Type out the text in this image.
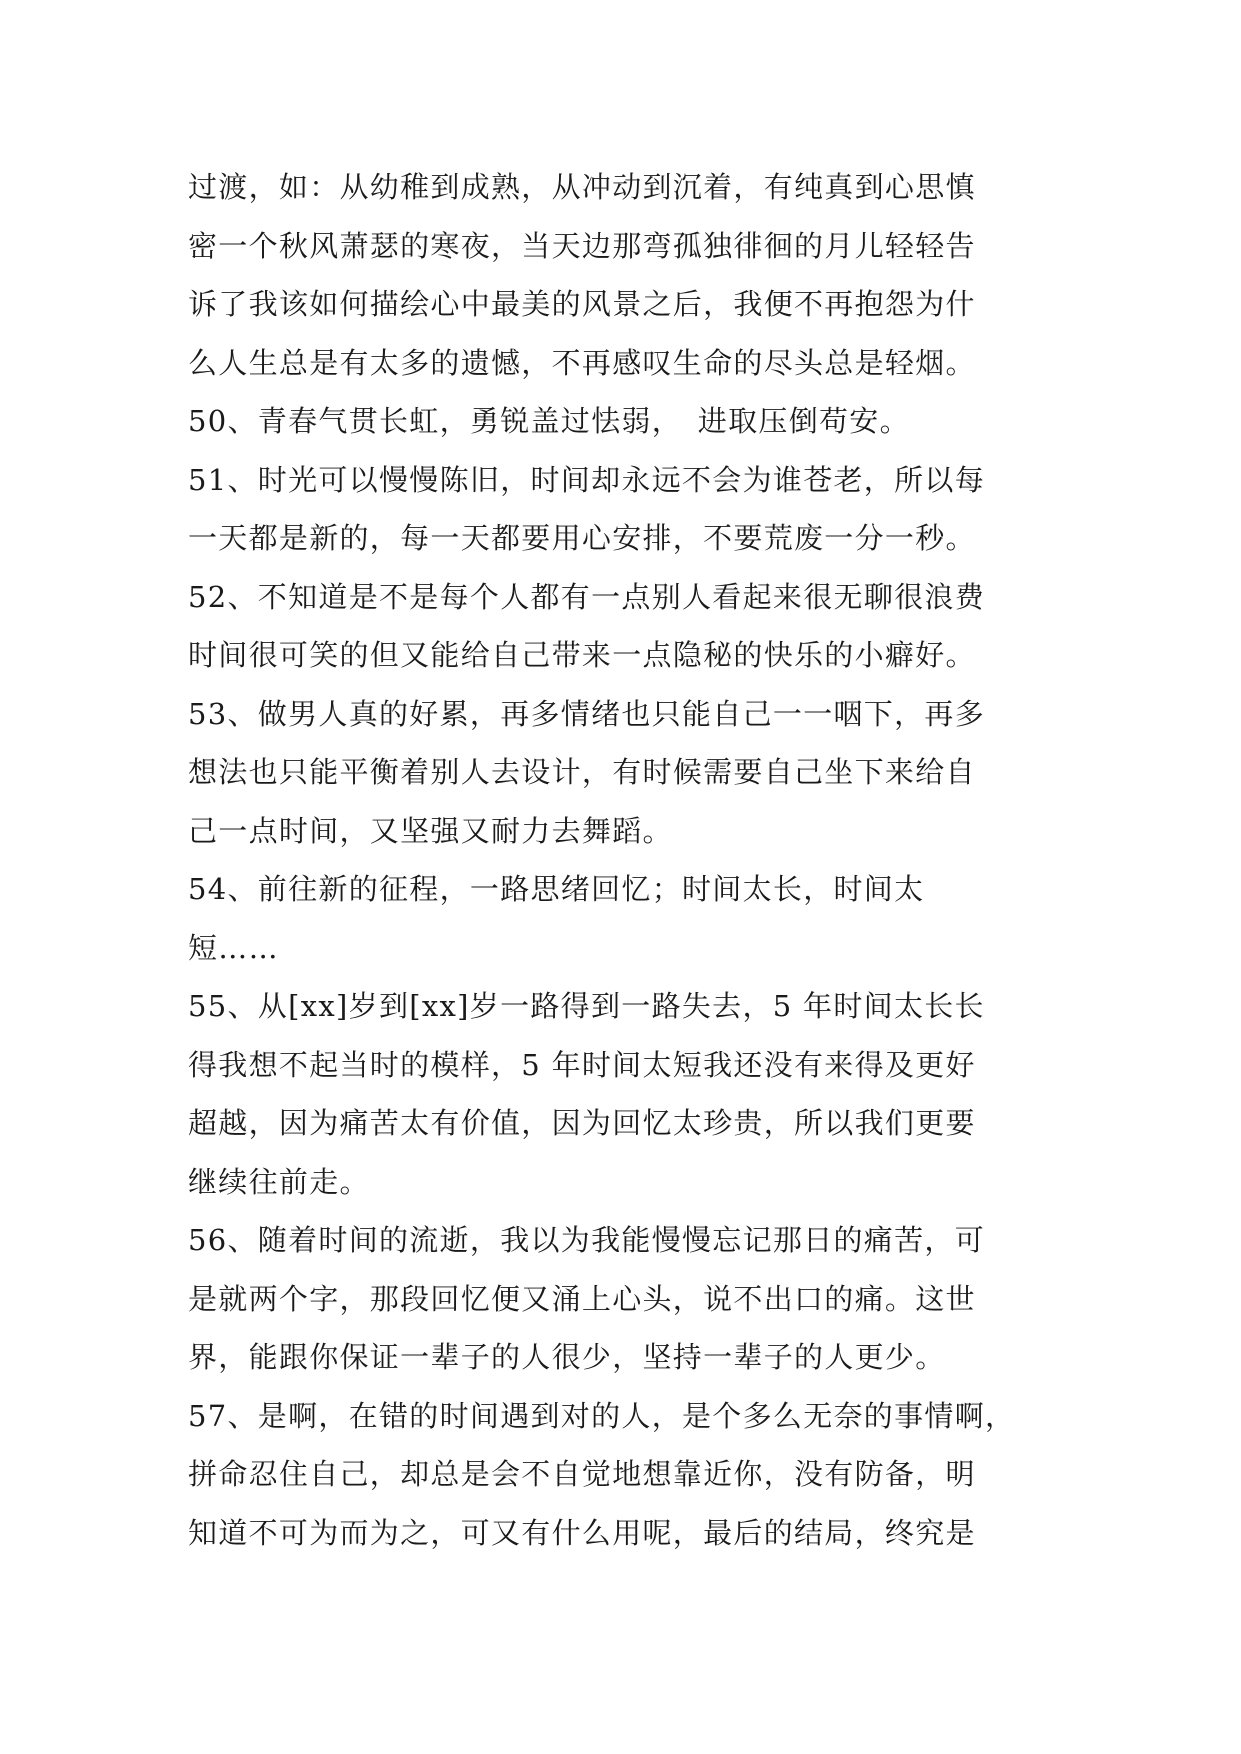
过渡，如：从幼稚到成熟，从冲动到沉着，有纯真到心思慎
密一个秋风萧瑟的寒夜，当天边那弯孤独徘徊的月儿轻轻告
诉了我该如何描绘心中最美的风景之后，我便不再抱怨为什
么人生总是有太多的遗憾，不再感叹生命的尽头总是轻烟。
50、青春气贯长虹，勇锐盖过怯弱，　进取压倒苟安。
51、时光可以慢慢陈旧，时间却永远不会为谁苍老，所以每
一天都是新的，每一天都要用心安排，不要荒废一分一秒。
52、不知道是不是每个人都有一点别人看起来很无聊很浪费
时间很可笑的但又能给自己带来一点隐秘的快乐的小癖好。
53、做男人真的好累，再多情绪也只能自己一一咽下，再多
想法也只能平衡着别人去设计，有时候需要自己坐下来给自
己一点时间，又坚强又耐力去舞蹈。
54、前往新的征程，一路思绪回忆；时间太长，时间太
短……
55、从[xx]岁到[xx]岁一路得到一路失去，5 年时间太长长
得我想不起当时的模样，5 年时间太短我还没有来得及更好
超越，因为痛苦太有价值，因为回忆太珍贵，所以我们更要
继续往前走。
56、随着时间的流逝，我以为我能慢慢忘记那日的痛苦，可
是就两个字，那段回忆便又涌上心头，说不出口的痛。这世
界，能跟你保证一辈子的人很少，坚持一辈子的人更少。
57、是啊，在错的时间遇到对的人，是个多么无奈的事情啊，
拼命忍住自己，却总是会不自觉地想靠近你，没有防备，明
知道不可为而为之，可又有什么用呢，最后的结局，终究是
